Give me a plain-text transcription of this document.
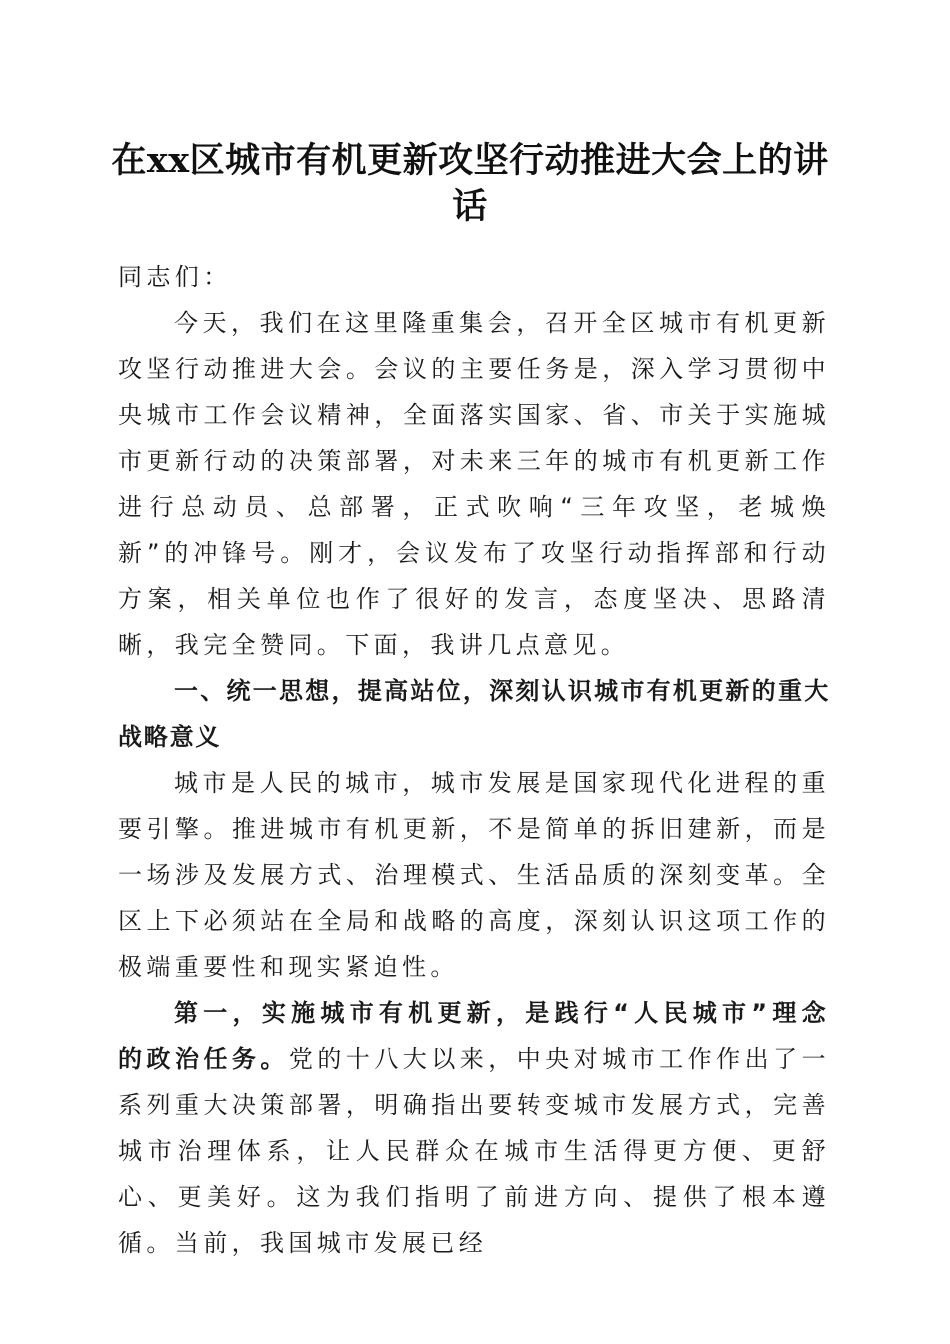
在xx区城市有机更新攻坚行动推进大会上的讲话

同志们：

今天，我们在这里隆重集会，召开全区城市有机更新攻坚行动推进大会。会议的主要任务是，深入学习贯彻中央城市工作会议精神，全面落实国家、省、市关于实施城市更新行动的决策部署，对未来三年的城市有机更新工作进行总动员、总部署，正式吹响“三年攻坚，老城焕新”的冲锋号。刚才，会议发布了攻坚行动指挥部和行动方案，相关单位也作了很好的发言，态度坚决、思路清晰，我完全赞同。下面，我讲几点意见。

一、统一思想，提高站位，深刻认识城市有机更新的重大战略意义

城市是人民的城市，城市发展是国家现代化进程的重要引擎。推进城市有机更新，不是简单的拆旧建新，而是一场涉及发展方式、治理模式、生活品质的深刻变革。全区上下必须站在全局和战略的高度，深刻认识这项工作的极端重要性和现实紧迫性。

第一，实施城市有机更新，是践行“人民城市”理念的政治任务。党的十八大以来，中央对城市工作作出了一系列重大决策部署，明确指出要转变城市发展方式，完善城市治理体系，让人民群众在城市生活得更方便、更舒心、更美好。这为我们指明了前进方向、提供了根本遵循。当前，我国城市发展已经
